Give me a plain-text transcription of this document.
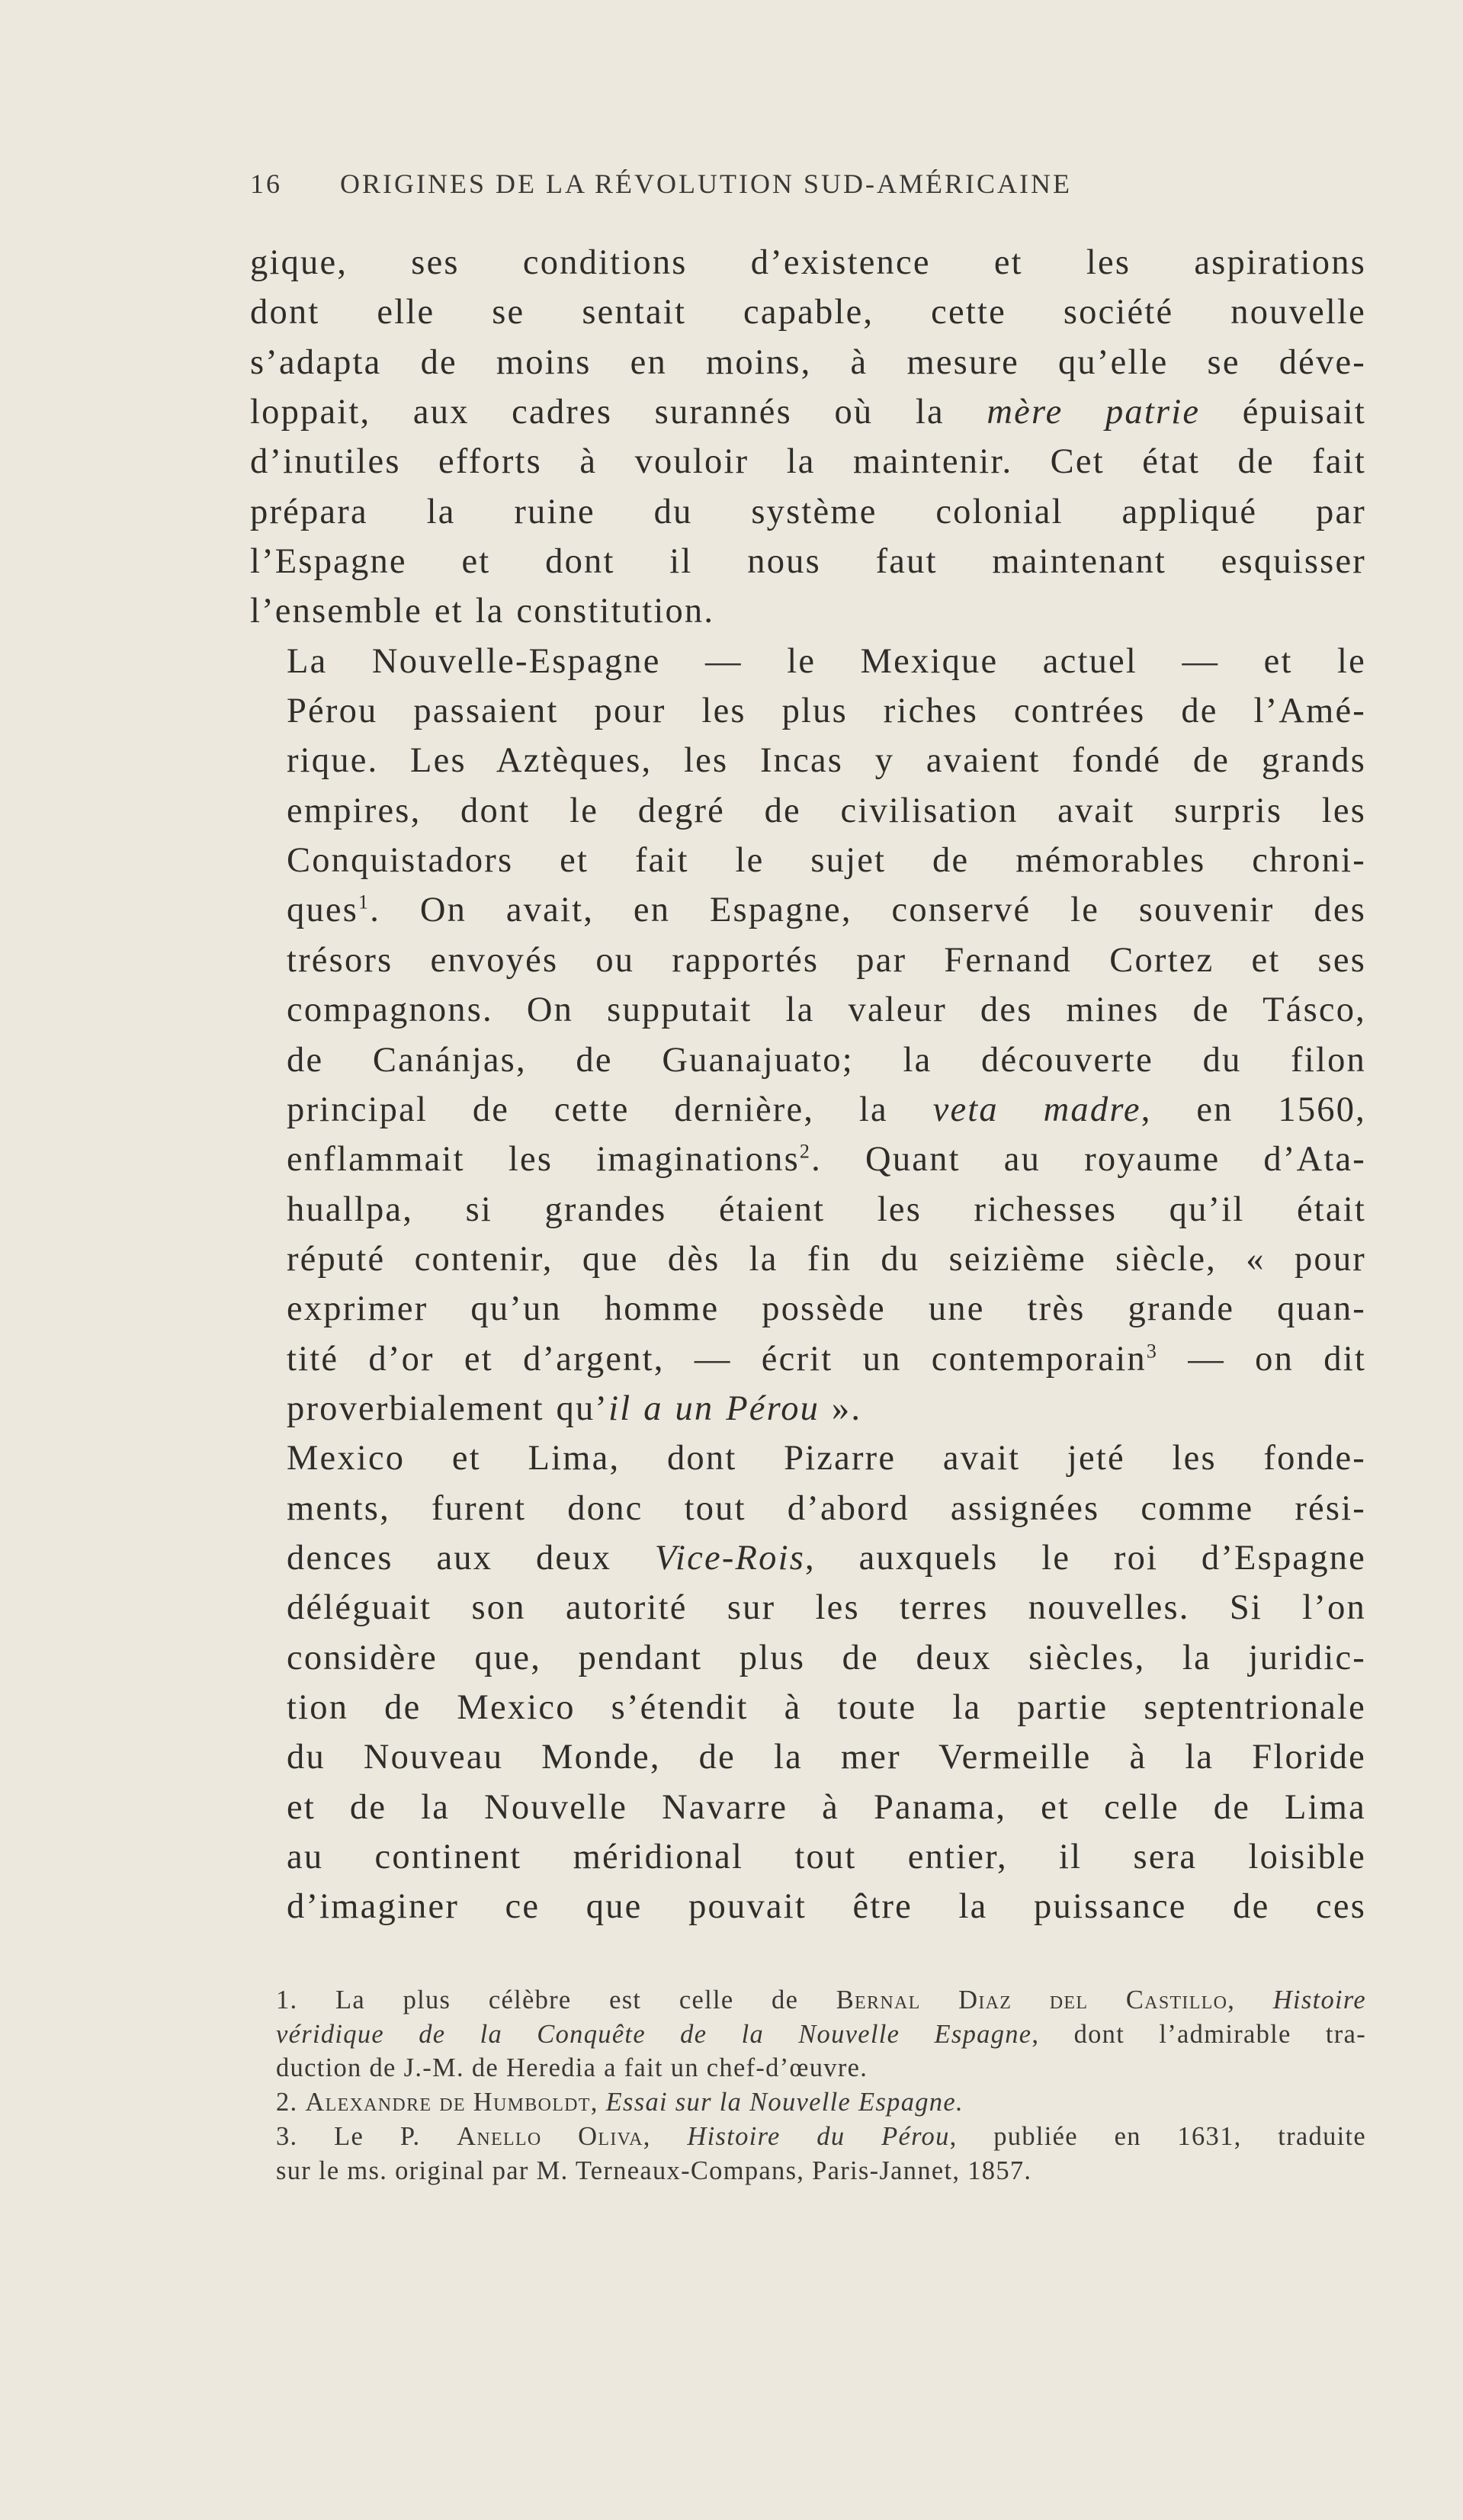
16 ORIGINES DE LA RÉVOLUTION SUD-AMÉRICAINE

gique, ses conditions d’existence et les aspirations
dont elle se sentait capable, cette société nouvelle
s’adapta de moins en moins, à mesure qu’elle se déve-
loppait, aux cadres surannés où la mère patrie épuisait
d’inutiles efforts à vouloir la maintenir. Cet état de fait
prépara la ruine du système colonial appliqué par
l’Espagne et dont il nous faut maintenant esquisser
l’ensemble et la constitution.

La Nouvelle-Espagne — le Mexique actuel — et le
Pérou passaient pour les plus riches contrées de l’Amé-
rique. Les Aztèques, les Incas y avaient fondé de grands
empires, dont le degré de civilisation avait surpris les
Conquistadors et fait le sujet de mémorables chroni-
ques$^1$. On avait, en Espagne, conservé le souvenir des
trésors envoyés ou rapportés par Fernand Cortez et ses
compagnons. On supputait la valeur des mines de Tásco,
de Canánjas, de Guanajuato; la découverte du filon
principal de cette dernière, la veta madre, en 1560,
enflammait les imaginations$^2$. Quant au royaume d’Ata-
huallpa, si grandes étaient les richesses qu’il était
réputé contenir, que dès la fin du seizième siècle, « pour
exprimer qu’un homme possède une très grande quan-
tité d’or et d’argent, — écrit un contemporain$^3$ — on dit
proverbialement qu’il a un Pérou ».

Mexico et Lima, dont Pizarre avait jeté les fonde-
ments, furent donc tout d’abord assignées comme rési-
dences aux deux Vice-Rois, auxquels le roi d’Espagne
déléguait son autorité sur les terres nouvelles. Si l’on
considère que, pendant plus de deux siècles, la juridic-
tion de Mexico s’étendit à toute la partie septentrionale
du Nouveau Monde, de la mer Vermeille à la Floride
et de la Nouvelle Navarre à Panama, et celle de Lima
au continent méridional tout entier, il sera loisible
d’imaginer ce que pouvait être la puissance de ces

1. La plus célèbre est celle de Bernal Diaz del Castillo, Histoire
véridique de la Conquête de la Nouvelle Espagne, dont l’admirable tra-
duction de J.-M. de Heredia a fait un chef-d’œuvre.

2. Alexandre de Humboldt, Essai sur la Nouvelle Espagne.

3. Le P. Anello Oliva, Histoire du Pérou, publiée en 1631, traduite
sur le ms. original par M. Terneaux-Compans, Paris-Jannet, 1857.
